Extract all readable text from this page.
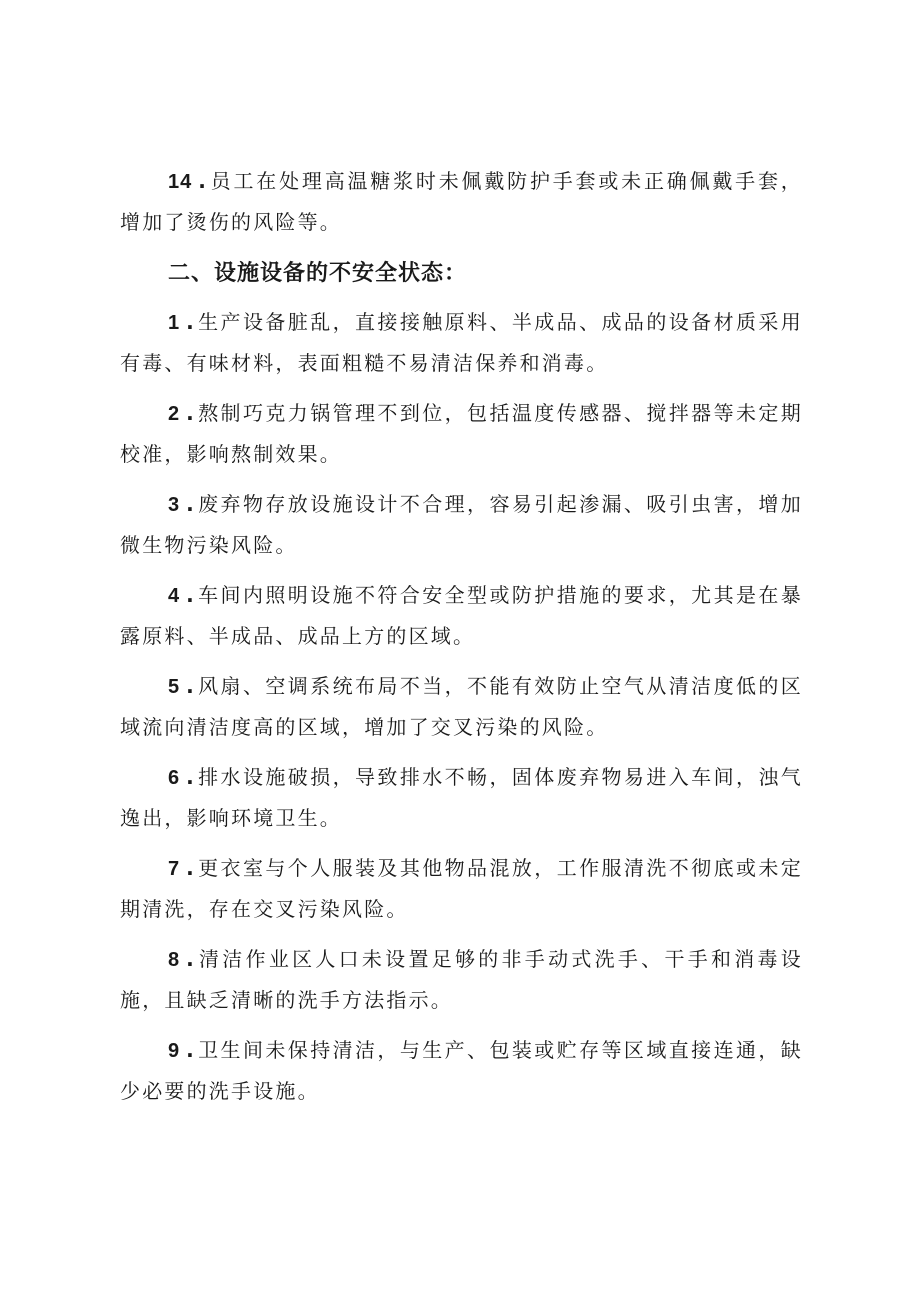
14 . 员工在处理高温糖浆时未佩戴防护手套或未正确佩戴手套，增加了烫伤的风险等。

二、设施设备的不安全状态：

1 . 生产设备脏乱，直接接触原料、半成品、成品的设备材质采用有毒、有味材料，表面粗糙不易清洁保养和消毒。

2 . 熬制巧克力锅管理不到位，包括温度传感器、搅拌器等未定期校准，影响熬制效果。

3 . 废弃物存放设施设计不合理，容易引起渗漏、吸引虫害，增加微生物污染风险。

4 . 车间内照明设施不符合安全型或防护措施的要求，尤其是在暴露原料、半成品、成品上方的区域。

5 . 风扇、空调系统布局不当，不能有效防止空气从清洁度低的区域流向清洁度高的区域，增加了交叉污染的风险。

6 . 排水设施破损，导致排水不畅，固体废弃物易进入车间，浊气逸出，影响环境卫生。

7 . 更衣室与个人服装及其他物品混放，工作服清洗不彻底或未定期清洗，存在交叉污染风险。

8 . 清洁作业区人口未设置足够的非手动式洗手、干手和消毒设施，且缺乏清晰的洗手方法指示。

9 . 卫生间未保持清洁，与生产、包装或贮存等区域直接连通，缺少必要的洗手设施。
